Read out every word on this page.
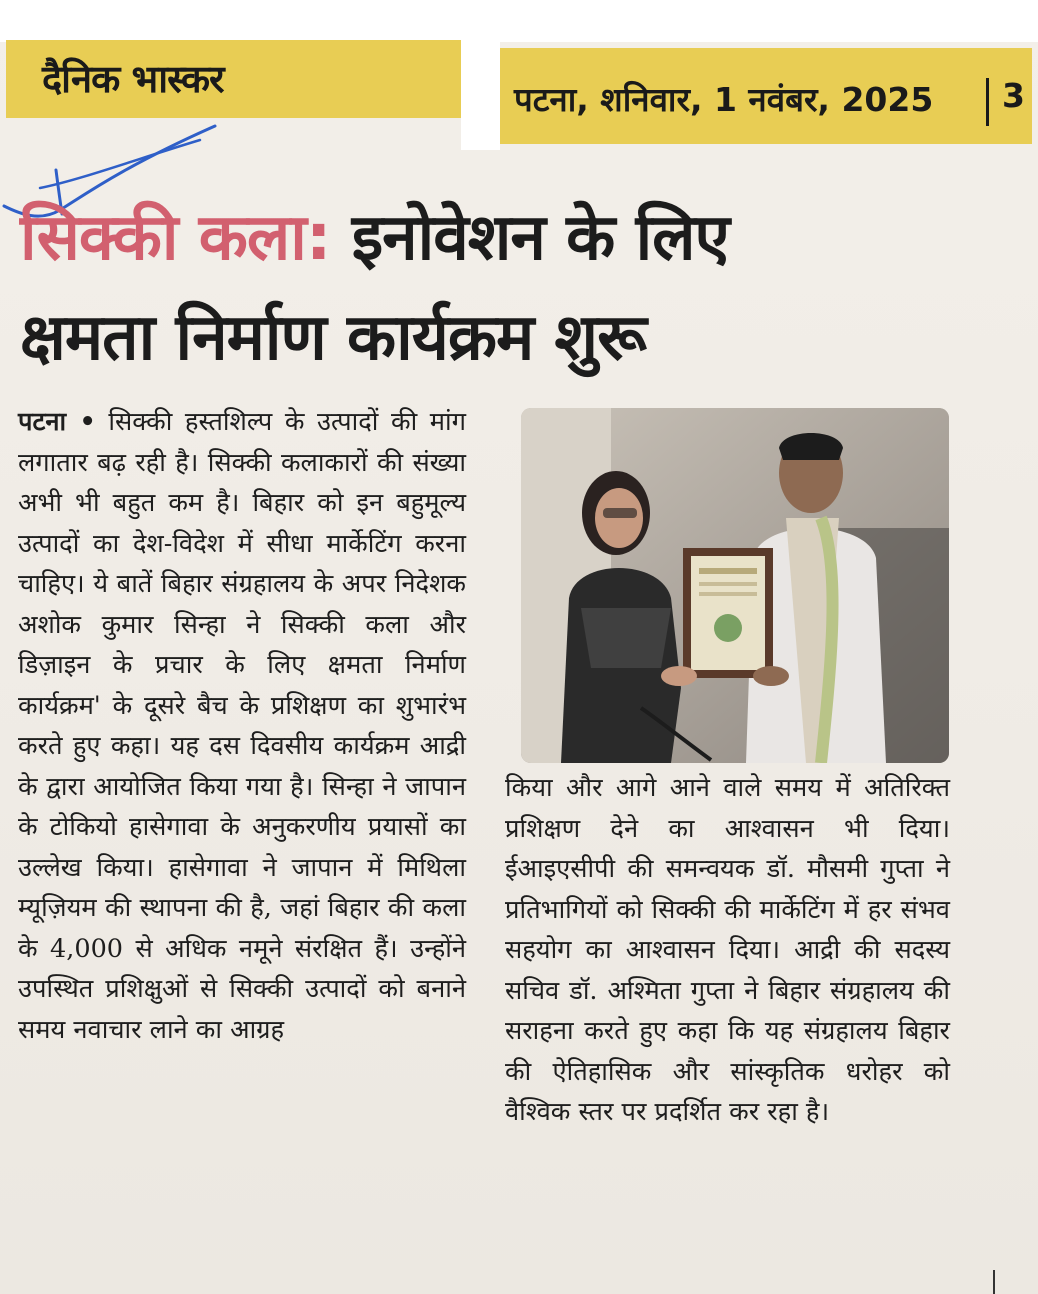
दैनिक भास्कर	पटना, शनिवार, 1 नवंबर, 2025 3
सिक्की कला: इनोवेशन के लिए
क्षमता निर्माण कार्यक्रम शुरू
पटना • सिक्की हस्तशिल्प के उत्पादों की मांग लगातार बढ़ रही है। सिक्की कलाकारों की संख्या अभी भी बहुत कम है। बिहार को इन बहुमूल्य उत्पादों का देश-विदेश में सीधा मार्केटिंग करना चाहिए। ये बातें बिहार संग्रहालय के अपर निदेशक अशोक कुमार सिन्हा ने सिक्की कला और डिज़ाइन के प्रचार के लिए क्षमता निर्माण कार्यक्रम' के दूसरे बैच के प्रशिक्षण का शुभारंभ करते हुए कहा। यह दस दिवसीय कार्यक्रम आद्री के द्वारा आयोजित किया गया है। सिन्हा ने जापान के टोकियो हासेगावा के अनुकरणीय प्रयासों का उल्लेख किया। हासेगावा ने जापान में मिथिला म्यूज़ियम की स्थापना की है, जहां बिहार की कला के 4,000 से अधिक नमूने संरक्षित हैं। उन्होंने उपस्थित प्रशिक्षुओं से सिक्की उत्पादों को बनाने समय नवाचार लाने का आग्रह
किया और आगे आने वाले समय में अतिरिक्त प्रशिक्षण देने का आश्वासन भी दिया। ईआइएसीपी की समन्वयक डॉ. मौसमी गुप्ता ने प्रतिभागियों को सिक्की की मार्केटिंग में हर संभव सहयोग का आश्वासन दिया। आद्री की सदस्य सचिव डॉ. अश्मिता गुप्ता ने बिहार संग्रहालय की सराहना करते हुए कहा कि यह संग्रहालय बिहार की ऐतिहासिक और सांस्कृतिक धरोहर को वैश्विक स्तर पर प्रदर्शित कर रहा है।
